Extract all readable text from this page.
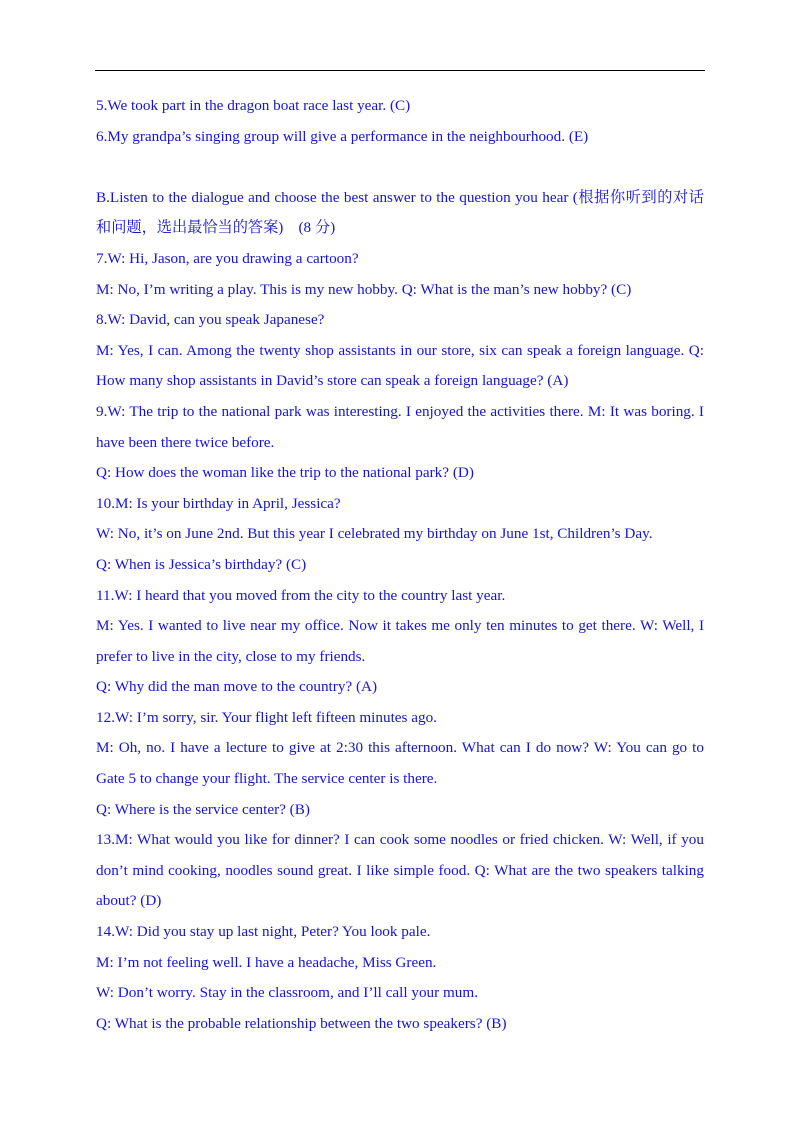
5.We took part in the dragon boat race last year. (C)

6.My grandpa’s singing group will give a performance in the neighbourhood. (E)

B.Listen to the dialogue and choose the best answer to the question you hear (根据你听到的对话和问题，选出最恰当的答案)　(8 分)

7.W: Hi, Jason, are you drawing a cartoon?

M: No, I’m writing a play. This is my new hobby. Q: What is the man’s new hobby? (C)

8.W: David, can you speak Japanese?

M: Yes, I can. Among the twenty shop assistants in our store, six can speak a foreign language. Q: How many shop assistants in David’s store can speak a foreign language? (A)

9.W: The trip to the national park was interesting. I enjoyed the activities there. M: It was boring. I have been there twice before.

Q: How does the woman like the trip to the national park? (D)

10.M: Is your birthday in April, Jessica?

W: No, it’s on June 2nd. But this year I celebrated my birthday on June 1st, Children’s Day.

Q: When is Jessica’s birthday? (C)

11.W: I heard that you moved from the city to the country last year.

M: Yes. I wanted to live near my office. Now it takes me only ten minutes to get there. W: Well, I prefer to live in the city, close to my friends.

Q: Why did the man move to the country? (A)

12.W: I’m sorry, sir. Your flight left fifteen minutes ago.

M: Oh, no. I have a lecture to give at 2:30 this afternoon. What can I do now? W: You can go to Gate 5 to change your flight. The service center is there.

Q: Where is the service center? (B)

13.M: What would you like for dinner? I can cook some noodles or fried chicken. W: Well, if you don’t mind cooking, noodles sound great. I like simple food. Q: What are the two speakers talking about? (D)

14.W: Did you stay up last night, Peter? You look pale.

M: I’m not feeling well. I have a headache, Miss Green.

W: Don’t worry. Stay in the classroom, and I’ll call your mum.

Q: What is the probable relationship between the two speakers? (B)
